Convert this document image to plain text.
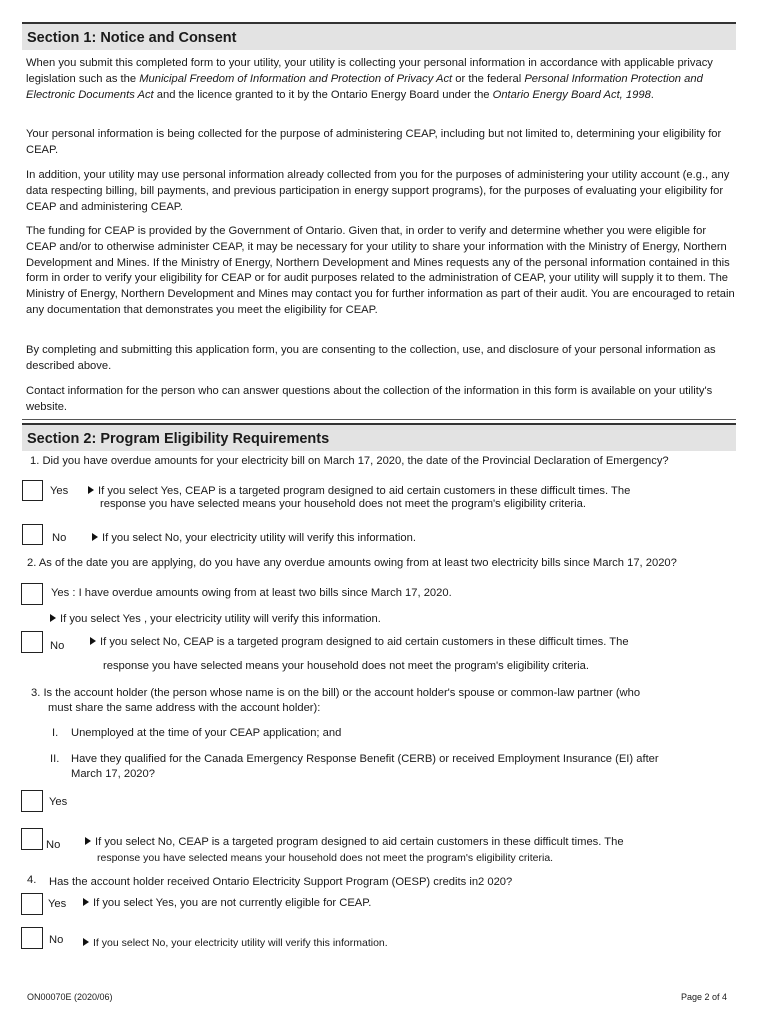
Section 1: Notice and Consent

When you submit this completed form to your utility, your utility is collecting your personal information in accordance with applicable privacy legislation such as the Municipal Freedom of Information and Protection of Privacy Act or the federal Personal Information Protection and Electronic Documents Act and the licence granted to it by the Ontario Energy Board under the Ontario Energy Board Act, 1998.

Your personal information is being collected for the purpose of administering CEAP, including but not limited to, determining your eligibility for CEAP.

In addition, your utility may use personal information already collected from you for the purposes of administering your utility account (e.g., any data respecting billing, bill payments, and previous participation in energy support programs), for the purposes of evaluating your eligibility for CEAP and administering CEAP.

The funding for CEAP is provided by the Government of Ontario. Given that, in order to verify and determine whether you were eligible for CEAP and/or to otherwise administer CEAP, it may be necessary for your utility to share your information with the Ministry of Energy, Northern Development and Mines. If the Ministry of Energy, Northern Development and Mines requests any of the personal information contained in this form in order to verify your eligibility for CEAP or for audit purposes related to the administration of CEAP, your utility will supply it to them. The Ministry of Energy, Northern Development and Mines may contact you for further information as part of their audit. You are encouraged to retain any documentation that demonstrates you meet the eligibility for CEAP.

By completing and submitting this application form, you are consenting to the collection, use, and disclosure of your personal information as described above.

Contact information for the person who can answer questions about the collection of the information in this form is available on your utility's website.

Section 2: Program Eligibility Requirements
1. Did you have overdue amounts for your electricity bill on March 17, 2020, the date of the Provincial Declaration of Emergency?
Yes	If you select Yes, CEAP is a targeted program designed to aid certain customers in these difficult times. The
response you have selected means your household does not meet the program's eligibility criteria.
No	If you select No, your electricity utility will verify this information.
2. As of the date you are applying, do you have any overdue amounts owing from at least two electricity bills since March 17, 2020?
Yes : I have overdue amounts owing from at least two bills since March 17, 2020.
If you select Yes , your electricity utility will verify this information.
No	If you select No, CEAP is a targeted program designed to aid certain customers in these difficult times. The
response you have selected means your household does not meet the program's eligibility criteria.
3. Is the account holder (the person whose name is on the bill) or the account holder's spouse or common-law partner (who
must share the same address with the account holder):
I. Unemployed at the time of your CEAP application; and
II. Have they qualified for the Canada Emergency Response Benefit (CERB) or received Employment Insurance (EI) after
March 17, 2020?
Yes
No	If you select No, CEAP is a targeted program designed to aid certain customers in these difficult times. The
response you have selected means your household does not meet the program's eligibility criteria.
4. Has the account holder received Ontario Electricity Support Program (OESP) credits in2 020?
Yes	If you select Yes, you are not currently eligible for CEAP.
No	If you select No, your electricity utility will verify this information.
ON00070E (2020/06)	Page 2 of 4
